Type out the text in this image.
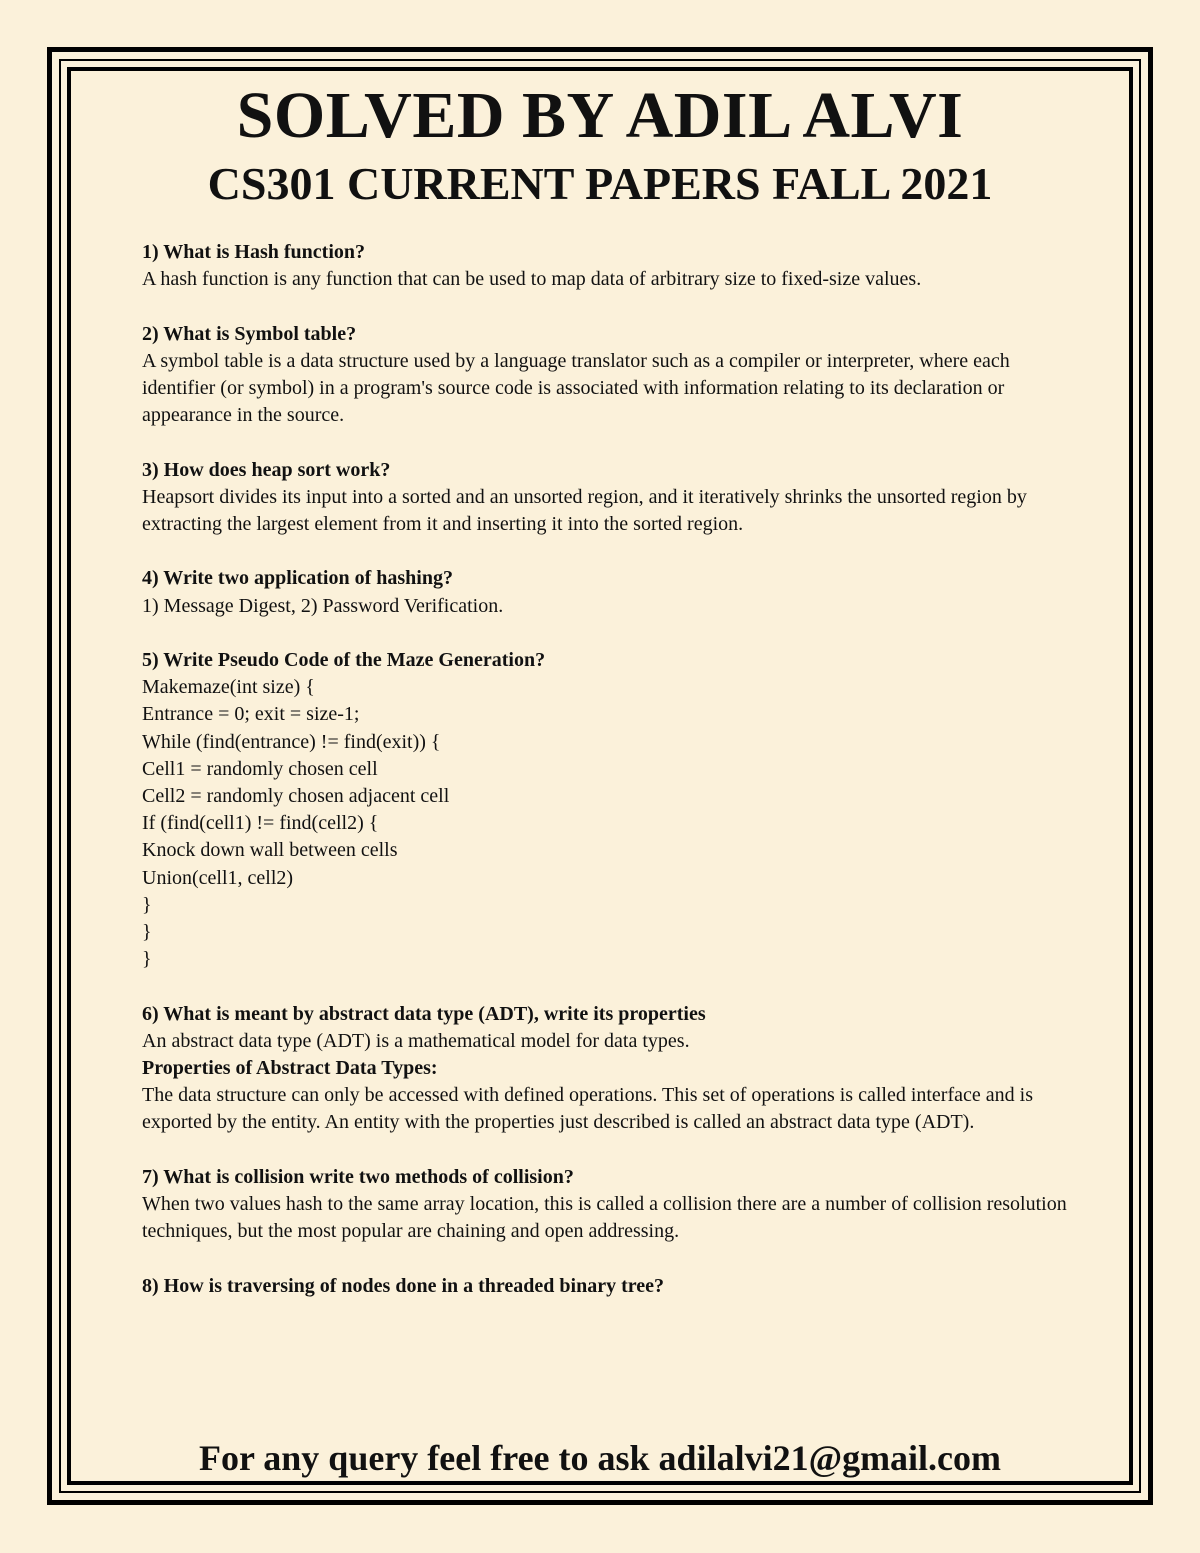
SOLVED BY ADIL ALVI
CS301 CURRENT PAPERS FALL 2021
1) What is Hash function?
A hash function is any function that can be used to map data of arbitrary size to fixed-size values.
2) What is Symbol table?
A symbol table is a data structure used by a language translator such as a compiler or interpreter, where each identifier (or symbol) in a program's source code is associated with information relating to its declaration or appearance in the source.
3) How does heap sort work?
Heapsort divides its input into a sorted and an unsorted region, and it iteratively shrinks the unsorted region by extracting the largest element from it and inserting it into the sorted region.
4) Write two application of hashing?
1) Message Digest, 2) Password Verification.
5) Write Pseudo Code of the Maze Generation?
Makemaze(int size) {
Entrance = 0; exit = size-1;
While (find(entrance) != find(exit)) {
Cell1 = randomly chosen cell
Cell2 = randomly chosen adjacent cell
If (find(cell1) != find(cell2) {
Knock down wall between cells
Union(cell1, cell2)
}
}
}
6) What is meant by abstract data type (ADT), write its properties
An abstract data type (ADT) is a mathematical model for data types.
Properties of Abstract Data Types:
The data structure can only be accessed with defined operations. This set of operations is called interface and is exported by the entity. An entity with the properties just described is called an abstract data type (ADT).
7) What is collision write two methods of collision?
When two values hash to the same array location, this is called a collision there are a number of collision resolution techniques, but the most popular are chaining and open addressing.
8) How is traversing of nodes done in a threaded binary tree?
For any query feel free to ask adilalvi21@gmail.com
